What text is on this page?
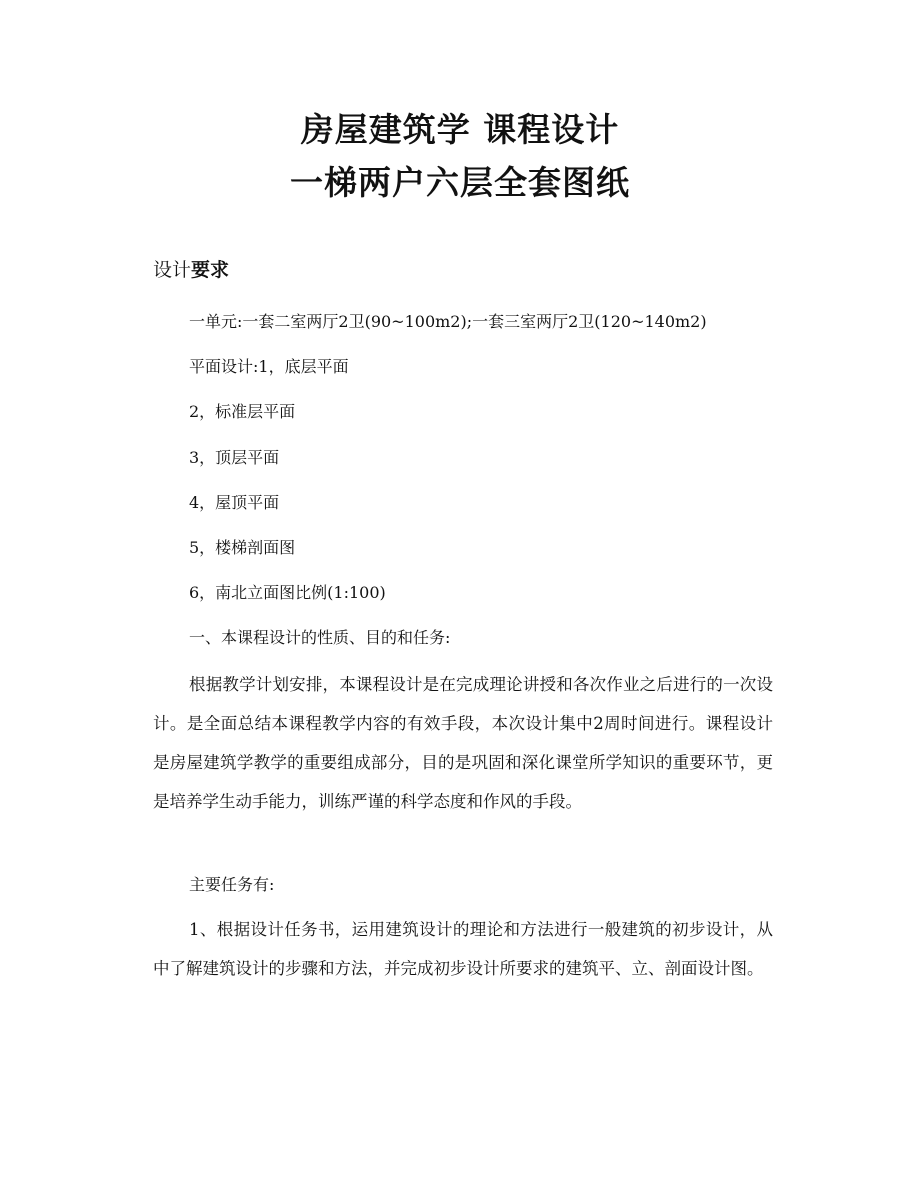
房屋建筑学 课程设计
一梯两户六层全套图纸
设计要求
一单元:一套二室两厅2卫(90~100m2);一套三室两厅2卫(120~140m2)
平面设计:1，底层平面
2，标准层平面
3，顶层平面
4，屋顶平面
5，楼梯剖面图
6，南北立面图比例(1:100)
一、本课程设计的性质、目的和任务:

根据教学计划安排，本课程设计是在完成理论讲授和各次作业之后进行的一次设计。是全面总结本课程教学内容的有效手段，本次设计集中2周时间进行。课程设计是房屋建筑学教学的重要组成部分，目的是巩固和深化课堂所学知识的重要环节，更是培养学生动手能力，训练严谨的科学态度和作风的手段。

主要任务有:

1、根据设计任务书，运用建筑设计的理论和方法进行一般建筑的初步设计，从中了解建筑设计的步骤和方法，并完成初步设计所要求的建筑平、立、剖面设计图。
